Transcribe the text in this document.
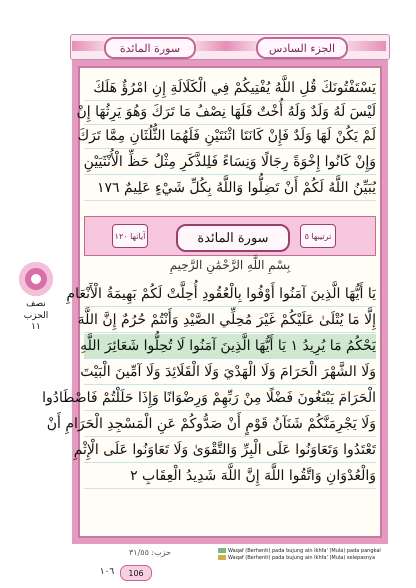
سورة المائدة	الجزء السادس
يَسْتَفْتُونَكَ قُلِ اللَّهُ يُفْتِيكُمْ فِي الْكَلَالَةِ إِنِ امْرُؤٌ هَلَكَ
لَيْسَ لَهُ وَلَدٌ وَلَهُ أُخْتٌ فَلَهَا نِصْفُ مَا تَرَكَ وَهُوَ يَرِثُهَا إِنْ
لَمْ يَكُنْ لَهَا وَلَدٌ فَإِنْ كَانَتَا اثْنَتَيْنِ فَلَهُمَا الثُّلُثَانِ مِمَّا تَرَكَ
وَإِنْ كَانُوا إِخْوَةً رِجَالًا وَنِسَاءً فَلِلذَّكَرِ مِثْلُ حَظِّ الْأُنْثَيَيْنِ
يُبَيِّنُ اللَّهُ لَكُمْ أَنْ تَضِلُّوا وَاللَّهُ بِكُلِّ شَيْءٍ عَلِيمٌ ١٧٦
ترتيبها ٥
آياتها ١٢٠	سورة المائدة
بِسْمِ اللَّهِ الرَّحْمَٰنِ الرَّحِيمِ
نصف الحزب
١١
يَا أَيُّهَا الَّذِينَ آمَنُوا أَوْفُوا بِالْعُقُودِ أُحِلَّتْ لَكُمْ بَهِيمَةُ الْأَنْعَامِ
إِلَّا مَا يُتْلَىٰ عَلَيْكُمْ غَيْرَ مُحِلِّي الصَّيْدِ وَأَنْتُمْ حُرُمٌ إِنَّ اللَّهَ
يَحْكُمُ مَا يُرِيدُ ١ يَا أَيُّهَا الَّذِينَ آمَنُوا لَا تُحِلُّوا شَعَائِرَ اللَّهِ
وَلَا الشَّهْرَ الْحَرَامَ وَلَا الْهَدْيَ وَلَا الْقَلَائِدَ وَلَا آمِّينَ الْبَيْتَ
الْحَرَامَ يَبْتَغُونَ فَضْلًا مِنْ رَبِّهِمْ وَرِضْوَانًا وَإِذَا حَلَلْتُمْ فَاصْطَادُوا
وَلَا يَجْرِمَنَّكُمْ شَنَآنُ قَوْمٍ أَنْ صَدُّوكُمْ عَنِ الْمَسْجِدِ الْحَرَامِ أَنْ
تَعْتَدُوا وَتَعَاوَنُوا عَلَى الْبِرِّ وَالتَّقْوَىٰ وَلَا تَعَاوَنُوا عَلَى الْإِثْمِ
وَالْعُدْوَانِ وَاتَّقُوا اللَّهَ إِنَّ اللَّهَ شَدِيدُ الْعِقَابِ ٢
حزب: ٣١/٥٥	Waqaf (Berhenti) pada bujung ain Ikhfa' (Mula) pada pangkal
Waqaf (Berhenti) pada bujung ain Ikhfa' (Mula) selepasnya
١٠٦	106
